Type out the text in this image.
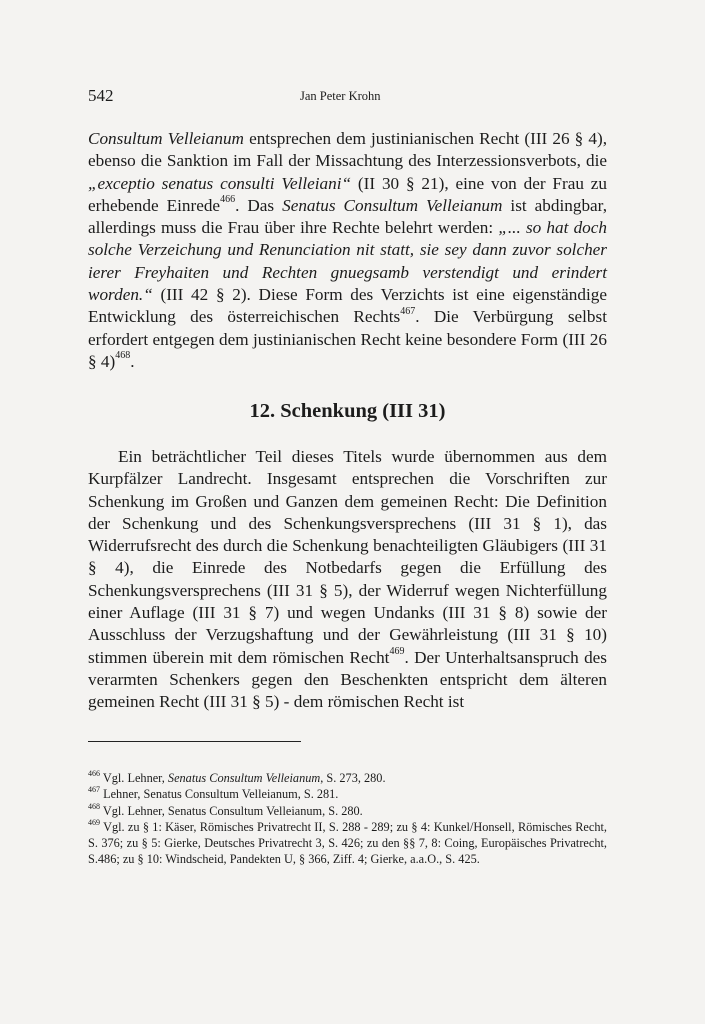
542	Jan Peter Krohn

Consultum Velleianum entsprechen dem justinianischen Recht (III 26 § 4), ebenso die Sanktion im Fall der Missachtung des Interzessionsverbots, die „exceptio senatus consulti Velleiani“ (II 30 § 21), eine von der Frau zu erhebende Einrede$^{466}$. Das Senatus Consultum Velleianum ist abdingbar, allerdings muss die Frau über ihre Rechte belehrt werden: „... so hat doch solche Verzeichung und Renunciation nit statt, sie sey dann zuvor solcher ierer Freyhaiten und Rechten gnuegsamb verstendigt und erindert worden.“ (III 42 § 2). Diese Form des Verzichts ist eine eigenständige Entwicklung des österreichischen Rechts$^{467}$. Die Verbürgung selbst erfordert entgegen dem justinianischen Recht keine besondere Form (III 26 § 4)$^{468}$.

12. Schenkung (III 31)

Ein beträchtlicher Teil dieses Titels wurde übernommen aus dem Kurpfälzer Landrecht. Insgesamt entsprechen die Vorschriften zur Schenkung im Großen und Ganzen dem gemeinen Recht: Die Definition der Schenkung und des Schenkungsversprechens (III 31 § 1), das Widerrufsrecht des durch die Schenkung benachteiligten Gläubigers (III 31 § 4), die Einrede des Notbedarfs gegen die Erfüllung des Schenkungsversprechens (III 31 § 5), der Widerruf wegen Nichterfüllung einer Auflage (III 31 § 7) und wegen Undanks (III 31 § 8) sowie der Ausschluss der Verzugshaftung und der Gewährleistung (III 31 § 10) stimmen überein mit dem römischen Recht$^{469}$. Der Unterhaltsanspruch des verarmten Schenkers gegen den Beschenkten entspricht dem älteren gemeinen Recht (III 31 § 5) - dem römischen Recht ist

$^{466}$ Vgl. Lehner, Senatus Consultum Velleianum, S. 273, 280.

$^{467}$ Lehner, Senatus Consultum Velleianum, S. 281.

$^{468}$ Vgl. Lehner, Senatus Consultum Velleianum, S. 280.

$^{469}$ Vgl. zu § 1: Käser, Römisches Privatrecht II, S. 288 - 289; zu § 4: Kunkel/Honsell, Römisches Recht, S. 376; zu § 5: Gierke, Deutsches Privatrecht 3, S. 426; zu den §§ 7, 8: Coing, Europäisches Privatrecht, S.486; zu § 10: Windscheid, Pandekten U, § 366, Ziff. 4; Gierke, a.a.O., S. 425.
